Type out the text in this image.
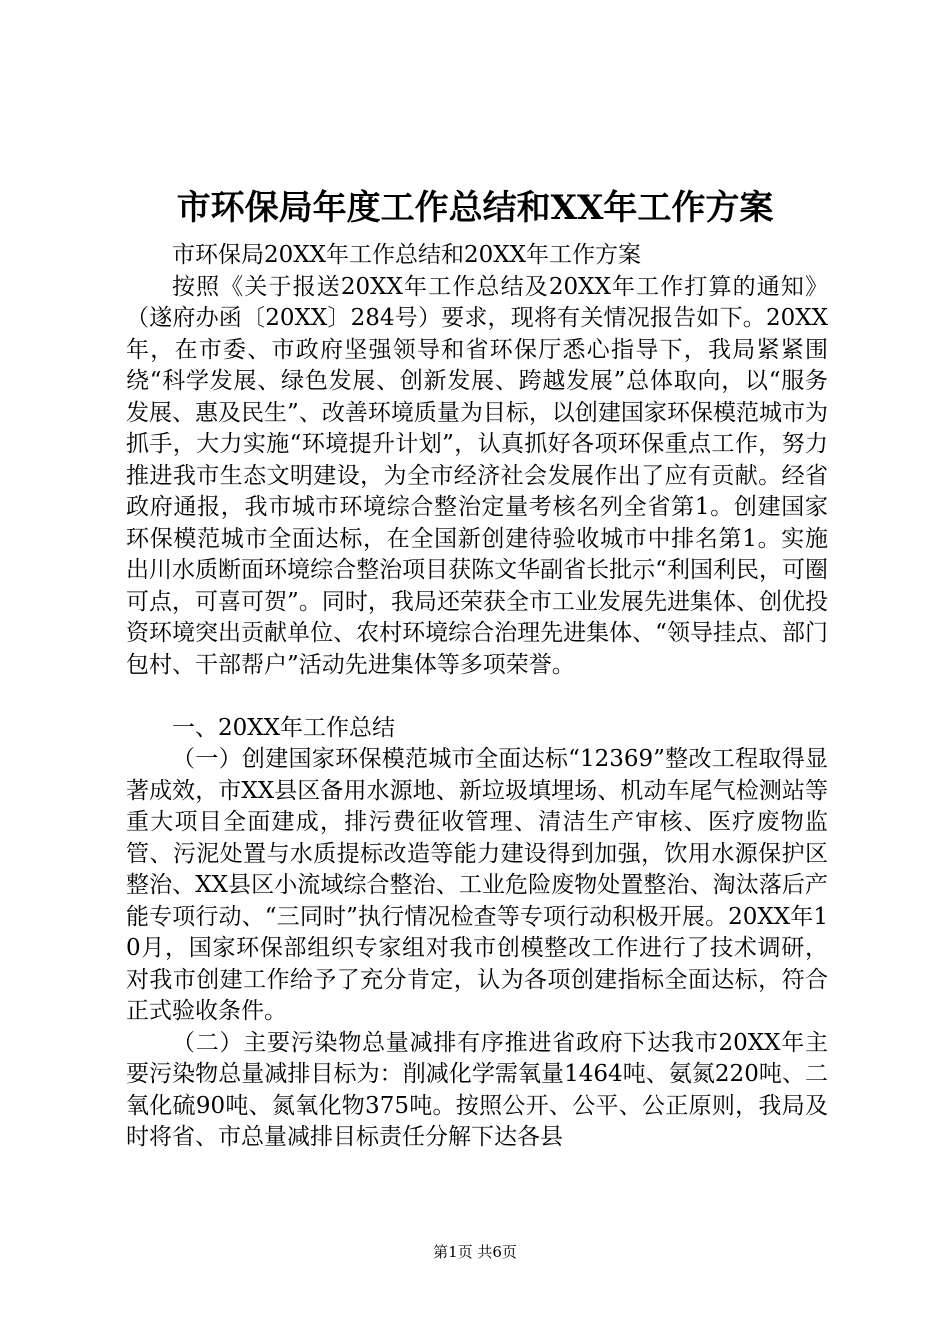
市环保局年度工作总结和XX年工作方案

市环保局20XX年工作总结和20XX年工作方案

按照《关于报送20XX年工作总结及20XX年工作打算的通知》（遂府办函〔20XX〕284号）要求，现将有关情况报告如下。20XX年，在市委、市政府坚强领导和省环保厅悉心指导下，我局紧紧围绕“科学发展、绿色发展、创新发展、跨越发展”总体取向，以“服务发展、惠及民生”、改善环境质量为目标，以创建国家环保模范城市为抓手，大力实施“环境提升计划”，认真抓好各项环保重点工作，努力推进我市生态文明建设，为全市经济社会发展作出了应有贡献。经省政府通报，我市城市环境综合整治定量考核名列全省第1。创建国家环保模范城市全面达标，在全国新创建待验收城市中排名第1。实施出川水质断面环境综合整治项目获陈文华副省长批示“利国利民，可圈可点，可喜可贺”。同时，我局还荣获全市工业发展先进集体、创优投资环境突出贡献单位、农村环境综合治理先进集体、“领导挂点、部门包村、干部帮户”活动先进集体等多项荣誉。

一、20XX年工作总结

（一）创建国家环保模范城市全面达标“12369”整改工程取得显著成效，市XX县区备用水源地、新垃圾填埋场、机动车尾气检测站等重大项目全面建成，排污费征收管理、清洁生产审核、医疗废物监管、污泥处置与水质提标改造等能力建设得到加强，饮用水源保护区整治、XX县区小流域综合整治、工业危险废物处置整治、淘汰落后产能专项行动、“三同时”执行情况检查等专项行动积极开展。20XX年10月，国家环保部组织专家组对我市创模整改工作进行了技术调研，对我市创建工作给予了充分肯定，认为各项创建指标全面达标，符合正式验收条件。

（二）主要污染物总量减排有序推进省政府下达我市20XX年主要污染物总量减排目标为：削减化学需氧量1464吨、氨氮220吨、二氧化硫90吨、氮氧化物375吨。按照公开、公平、公正原则，我局及时将省、市总量减排目标责任分解下达各县

第1页 共6页
